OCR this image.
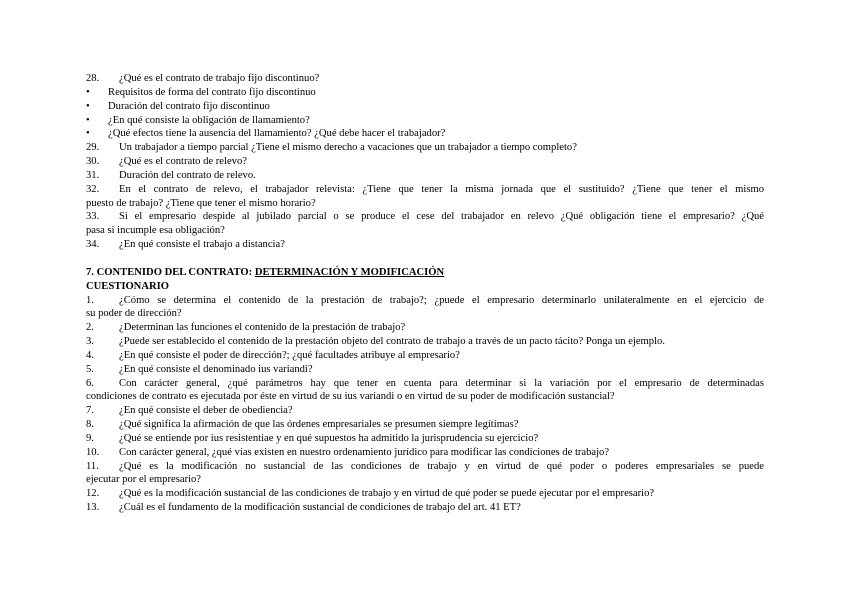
28.	¿Qué es el contrato de trabajo fijo discontinuo?
•	Requisitos de forma del contrato fijo discontinuo
•	Duración del contrato fijo discontinuo
•	¿En qué consiste la obligación de llamamiento?
•	¿Qué efectos tiene la ausencia del llamamiento? ¿Qué debe hacer el trabajador?
29.	Un trabajador a tiempo parcial ¿Tiene el mismo derecho a vacaciones que un trabajador a tiempo completo?
30.	¿Qué es el contrato de relevo?
31.	Duración del contrato de relevo.
32. En el contrato de relevo, el trabajador relevista: ¿Tiene que tener la misma jornada que el sustituido? ¿Tiene que tener el mismo
puesto de trabajo? ¿Tiene que tener el mismo horario?
33. Si el empresario despide al jubilado parcial o se produce el cese del trabajador en relevo ¿Qué obligación tiene el empresario? ¿Qué
pasa si incumple esa obligación?
34.	¿En qué consiste el trabajo a distancia?
7. CONTENIDO DEL CONTRATO: DETERMINACIÓN Y MODIFICACIÓN
CUESTIONARIO
1. ¿Cómo se determina el contenido de la prestación de trabajo?; ¿puede el empresario determinarlo unilateralmente en el ejercicio de
su poder de dirección?
2.	¿Determinan las funciones el contenido de la prestación de trabajo?
3.	¿Puede ser establecido el contenido de la prestación objeto del contrato de trabajo a través de un pacto tácito? Ponga un ejemplo.
4.	¿En qué consiste el poder de dirección?; ¿qué facultades atribuye al empresario?
5.	¿En qué consiste el denominado ius variandi?
6. Con carácter general, ¿qué parámetros hay que tener en cuenta para determinar si la variación por el empresario de determinadas
condiciones de contrato es ejecutada por éste en virtud de su ius variandi o en virtud de su poder de modificación sustancial?
7.	¿En qué consiste el deber de obediencia?
8.	¿Qué significa la afirmación de que las órdenes empresariales se presumen siempre legítimas?
9.	¿Qué se entiende por ius resistentiae y en qué supuestos ha admitido la jurisprudencia su ejercicio?
10.	Con carácter general, ¿qué vías existen en nuestro ordenamiento jurídico para modificar las condiciones de trabajo?
11. ¿Qué es la modificación no sustancial de las condiciones de trabajo y en virtud de qué poder o poderes empresariales se puede
ejecutar por el empresario?
12.	¿Qué es la modificación sustancial de las condiciones de trabajo y en virtud de qué poder se puede ejecutar por el empresario?
13.	¿Cuál es el fundamento de la modificación sustancial de condiciones de trabajo del art. 41 ET?
